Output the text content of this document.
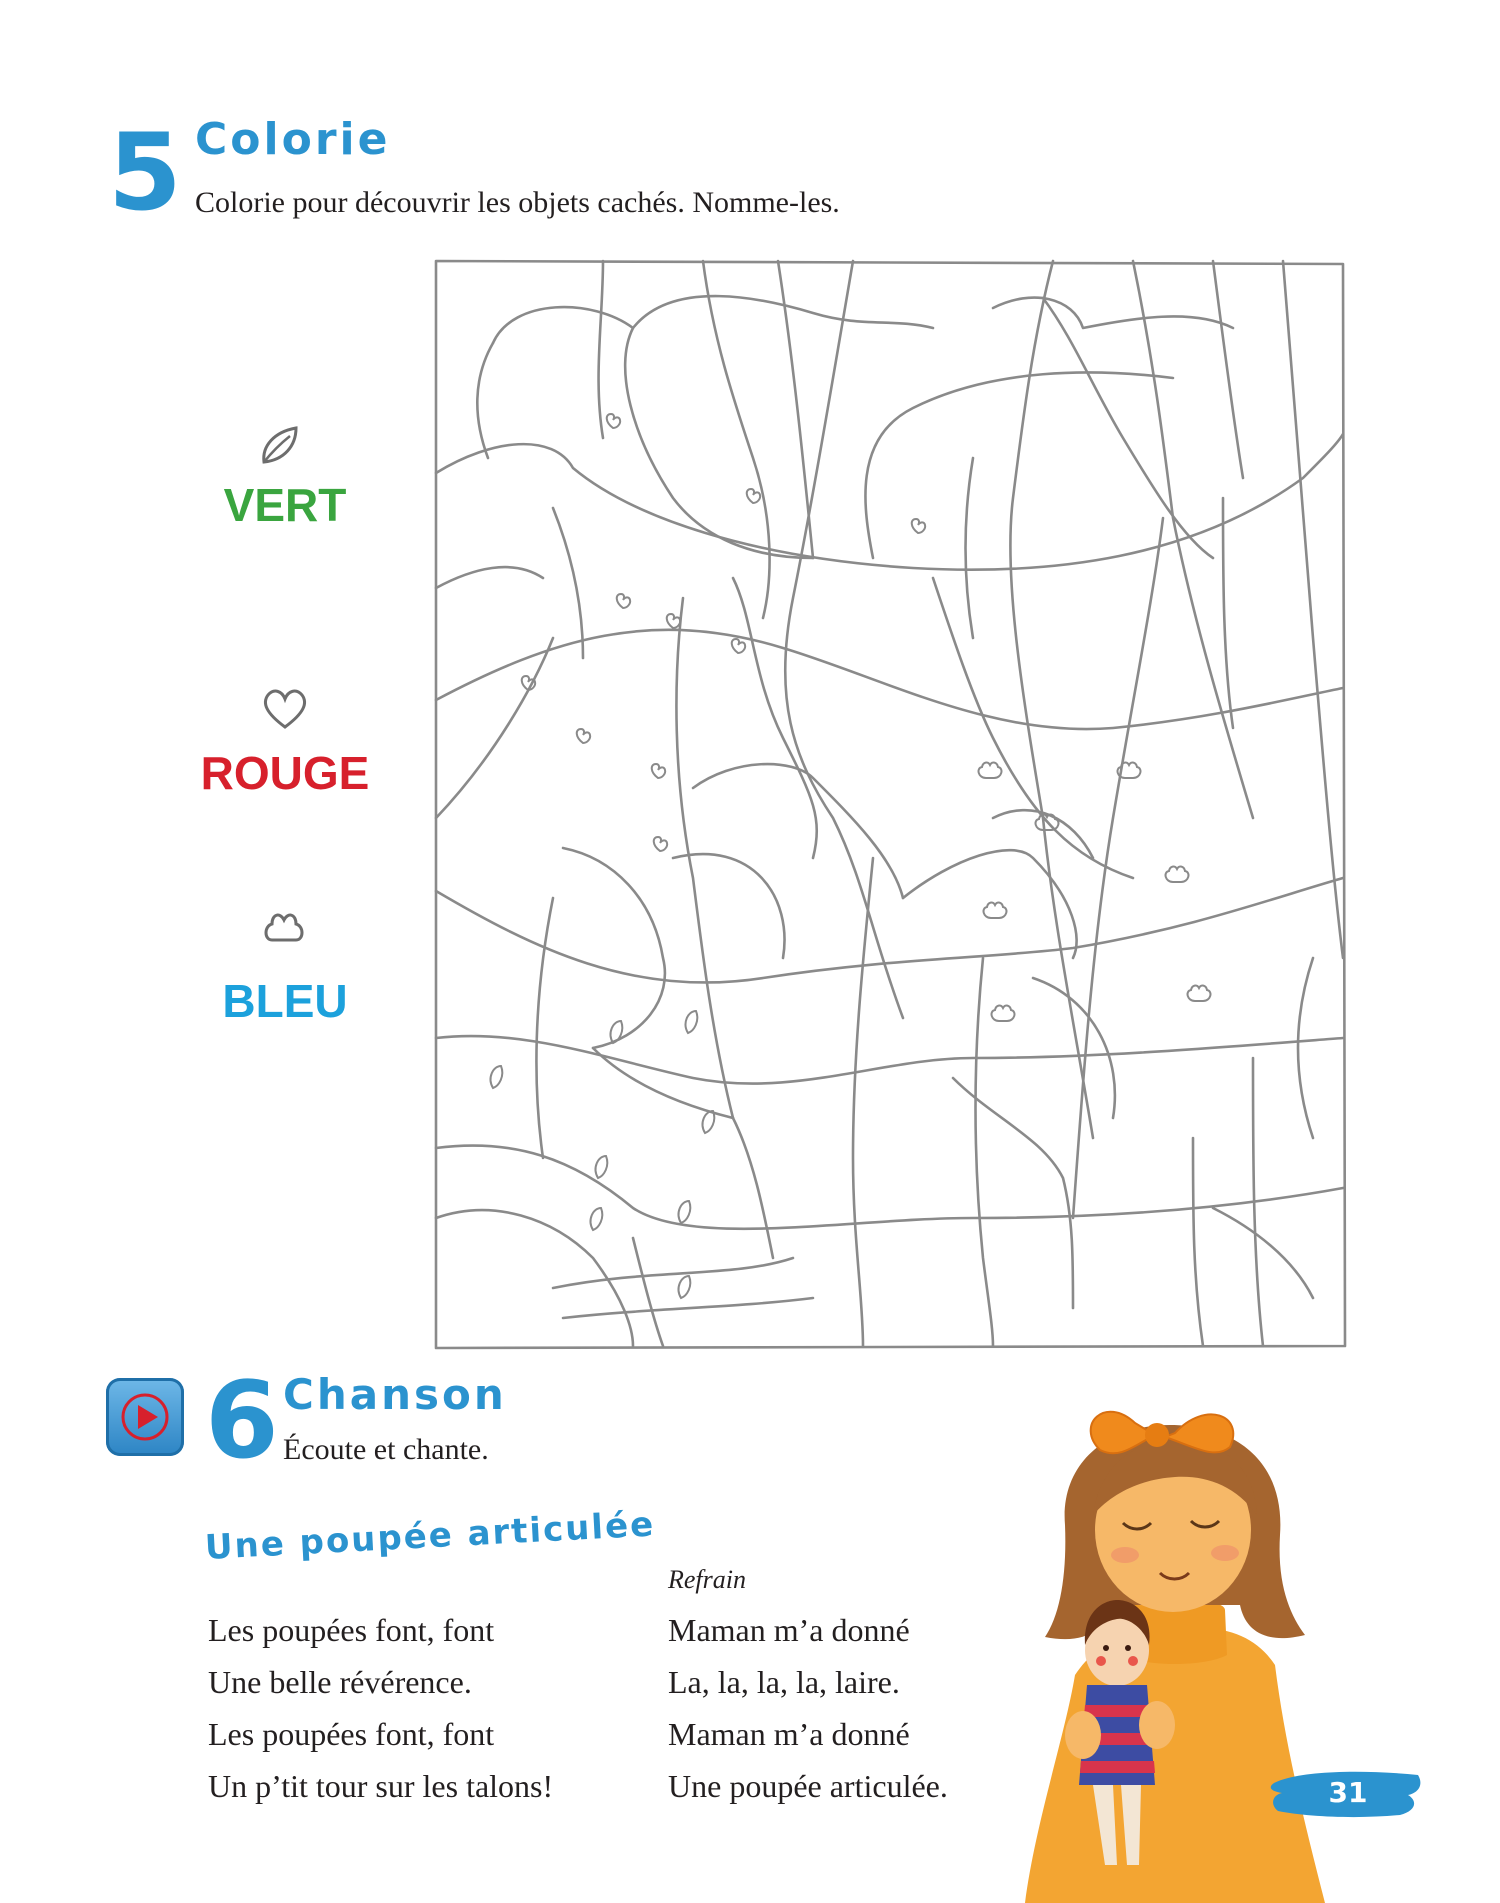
5 Colorie
Colorie pour découvrir les objets cachés. Nomme-les.
VERT
ROUGE
BLEU
6 Chanson
Écoute et chante.
Une poupée articulée
Les poupées font, font
Une belle révérence.
Les poupées font, font
Un p’tit tour sur les talons!
Refrain
Maman m’a donné
La, la, la, la, laire.
Maman m’a donné
Une poupée articulée.	31
